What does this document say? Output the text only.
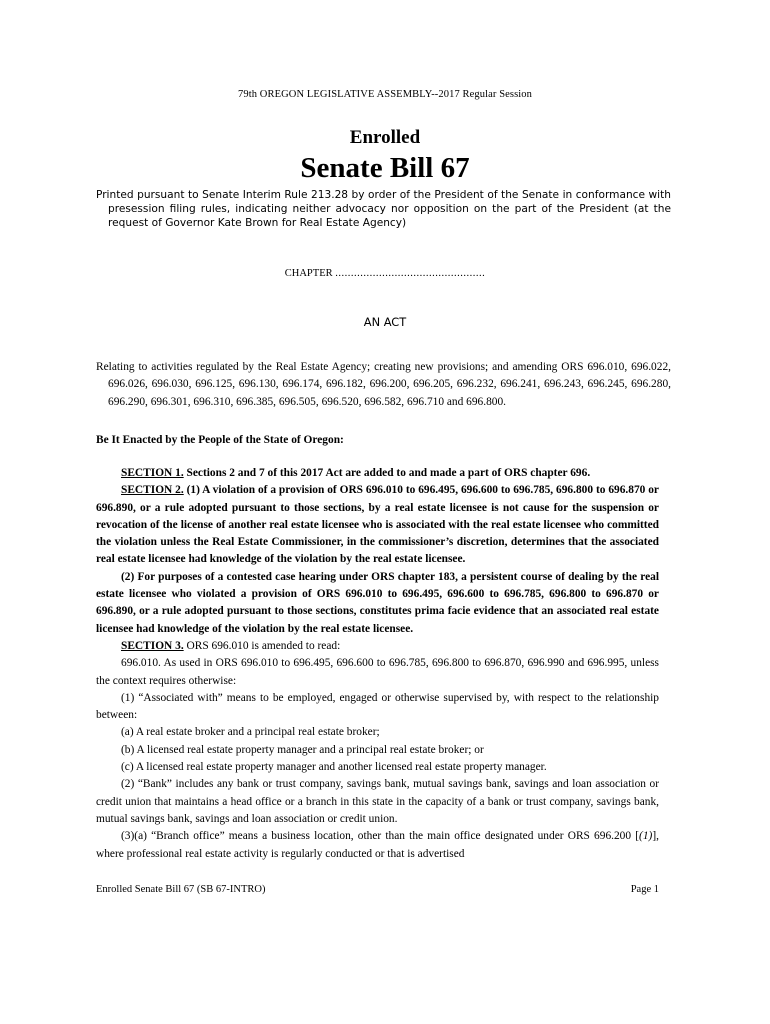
79th OREGON LEGISLATIVE ASSEMBLY--2017 Regular Session
Enrolled
Senate Bill 67
Printed pursuant to Senate Interim Rule 213.28 by order of the President of the Senate in conformance with presession filing rules, indicating neither advocacy nor opposition on the part of the President (at the request of Governor Kate Brown for Real Estate Agency)
CHAPTER ................................................
AN ACT
Relating to activities regulated by the Real Estate Agency; creating new provisions; and amending ORS 696.010, 696.022, 696.026, 696.030, 696.125, 696.130, 696.174, 696.182, 696.200, 696.205, 696.232, 696.241, 696.243, 696.245, 696.280, 696.290, 696.301, 696.310, 696.385, 696.505, 696.520, 696.582, 696.710 and 696.800.
Be It Enacted by the People of the State of Oregon:

SECTION 1. Sections 2 and 7 of this 2017 Act are added to and made a part of ORS chapter 696.

SECTION 2. (1) A violation of a provision of ORS 696.010 to 696.495, 696.600 to 696.785, 696.800 to 696.870 or 696.890, or a rule adopted pursuant to those sections, by a real estate licensee is not cause for the suspension or revocation of the license of another real estate licensee who is associated with the real estate licensee who committed the violation unless the Real Estate Commissioner, in the commissioner’s discretion, determines that the associated real estate licensee had knowledge of the violation by the real estate licensee.

(2) For purposes of a contested case hearing under ORS chapter 183, a persistent course of dealing by the real estate licensee who violated a provision of ORS 696.010 to 696.495, 696.600 to 696.785, 696.800 to 696.870 or 696.890, or a rule adopted pursuant to those sections, constitutes prima facie evidence that an associated real estate licensee had knowledge of the violation by the real estate licensee.

SECTION 3. ORS 696.010 is amended to read:

696.010. As used in ORS 696.010 to 696.495, 696.600 to 696.785, 696.800 to 696.870, 696.990 and 696.995, unless the context requires otherwise:

(1) “Associated with” means to be employed, engaged or otherwise supervised by, with respect to the relationship between:

(a) A real estate broker and a principal real estate broker;

(b) A licensed real estate property manager and a principal real estate broker; or

(c) A licensed real estate property manager and another licensed real estate property manager.

(2) “Bank” includes any bank or trust company, savings bank, mutual savings bank, savings and loan association or credit union that maintains a head office or a branch in this state in the capacity of a bank or trust company, savings bank, mutual savings bank, savings and loan association or credit union.

(3)(a) “Branch office” means a business location, other than the main office designated under ORS 696.200 [(1)], where professional real estate activity is regularly conducted or that is advertised

Enrolled Senate Bill 67 (SB 67-INTRO)	Page 1
